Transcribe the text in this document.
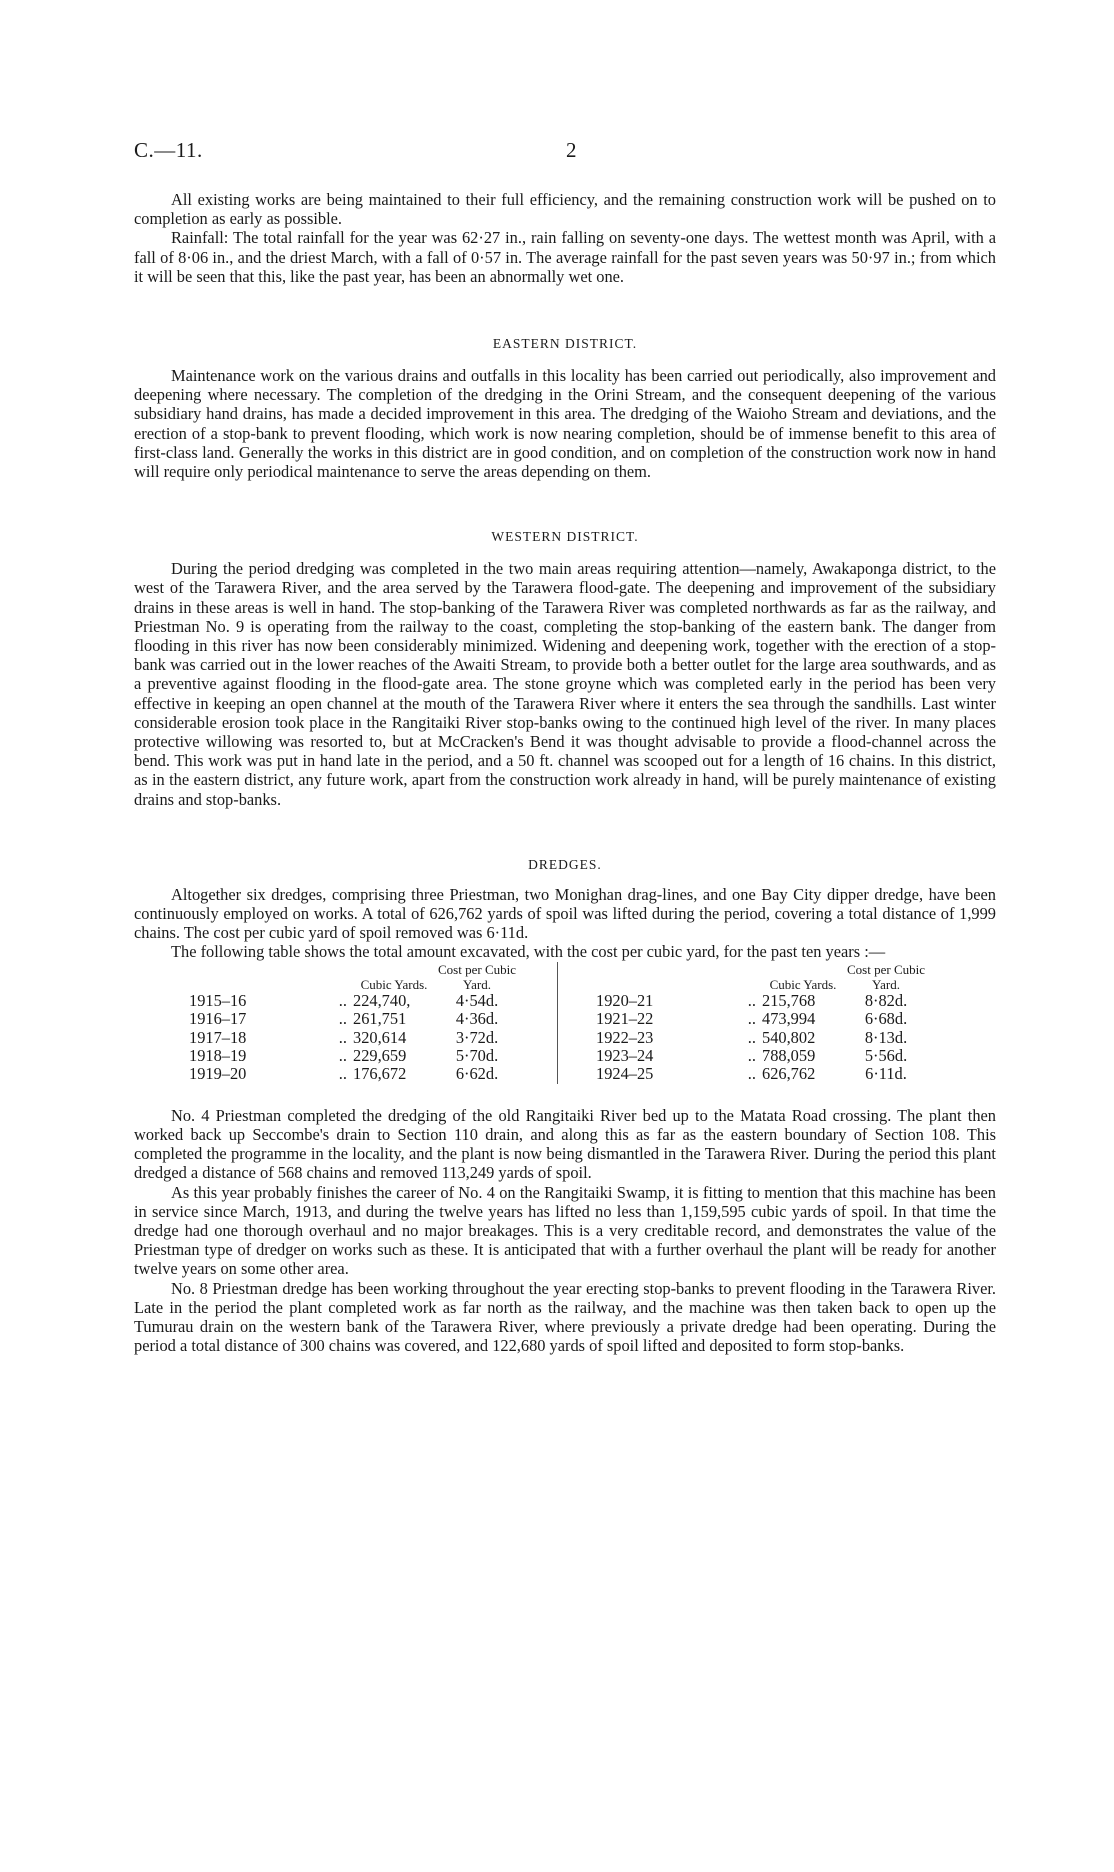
C.—11.	2

All existing works are being maintained to their full efficiency, and the remaining construction work will be pushed on to completion as early as possible.

Rainfall: The total rainfall for the year was 62·27 in., rain falling on seventy-one days. The wettest month was April, with a fall of 8·06 in., and the driest March, with a fall of 0·57 in. The average rainfall for the past seven years was 50·97 in.; from which it will be seen that this, like the past year, has been an abnormally wet one.

EASTERN DISTRICT.

Maintenance work on the various drains and outfalls in this locality has been carried out periodically, also improvement and deepening where necessary. The completion of the dredging in the Orini Stream, and the consequent deepening of the various subsidiary hand drains, has made a decided improvement in this area. The dredging of the Waioho Stream and deviations, and the erection of a stop-bank to prevent flooding, which work is now nearing completion, should be of immense benefit to this area of first-class land. Generally the works in this district are in good condition, and on completion of the construction work now in hand will require only periodical maintenance to serve the areas depending on them.

WESTERN DISTRICT.

During the period dredging was completed in the two main areas requiring attention—namely, Awakaponga district, to the west of the Tarawera River, and the area served by the Tarawera flood-gate. The deepening and improvement of the subsidiary drains in these areas is well in hand. The stop-banking of the Tarawera River was completed northwards as far as the railway, and Priestman No. 9 is operating from the railway to the coast, completing the stop-banking of the eastern bank. The danger from flooding in this river has now been considerably minimized. Widening and deepening work, together with the erection of a stop-bank was carried out in the lower reaches of the Awaiti Stream, to provide both a better outlet for the large area southwards, and as a preventive against flooding in the flood-gate area. The stone groyne which was completed early in the period has been very effective in keeping an open channel at the mouth of the Tarawera River where it enters the sea through the sandhills. Last winter considerable erosion took place in the Rangitaiki River stop-banks owing to the continued high level of the river. In many places protective willowing was resorted to, but at McCracken's Bend it was thought advisable to provide a flood-channel across the bend. This work was put in hand late in the period, and a 50 ft. channel was scooped out for a length of 16 chains. In this district, as in the eastern district, any future work, apart from the construction work already in hand, will be purely maintenance of existing drains and stop-banks.

DREDGES.

Altogether six dredges, comprising three Priestman, two Monighan drag-lines, and one Bay City dipper dredge, have been continuously employed on works. A total of 626,762 yards of spoil was lifted during the period, covering a total distance of 1,999 chains. The cost per cubic yard of spoil removed was 6·11d.

The following table shows the total amount excavated, with the cost per cubic yard, for the past ten years :—

		Cubic Yards.	Cost per Cubic Yard.					Cubic Yards.	Cost per Cubic Yard.
1915–16	..	224,740,	4·54d.			1920–21	..	215,768	8·82d.
1916–17	..	261,751	4·36d.			1921–22	..	473,994	6·68d.
1917–18	..	320,614	3·72d.			1922–23	..	540,802	8·13d.
1918–19	..	229,659	5·70d.			1923–24	..	788,059	5·56d.
1919–20	..	176,672	6·62d.			1924–25	..	626,762	6·11d.

No. 4 Priestman completed the dredging of the old Rangitaiki River bed up to the Matata Road crossing. The plant then worked back up Seccombe's drain to Section 110 drain, and along this as far as the eastern boundary of Section 108. This completed the programme in the locality, and the plant is now being dismantled in the Tarawera River. During the period this plant dredged a distance of 568 chains and removed 113,249 yards of spoil.

As this year probably finishes the career of No. 4 on the Rangitaiki Swamp, it is fitting to mention that this machine has been in service since March, 1913, and during the twelve years has lifted no less than 1,159,595 cubic yards of spoil. In that time the dredge had one thorough overhaul and no major breakages. This is a very creditable record, and demonstrates the value of the Priestman type of dredger on works such as these. It is anticipated that with a further overhaul the plant will be ready for another twelve years on some other area.

No. 8 Priestman dredge has been working throughout the year erecting stop-banks to prevent flooding in the Tarawera River. Late in the period the plant completed work as far north as the railway, and the machine was then taken back to open up the Tumurau drain on the western bank of the Tarawera River, where previously a private dredge had been operating. During the period a total distance of 300 chains was covered, and 122,680 yards of spoil lifted and deposited to form stop-banks.
